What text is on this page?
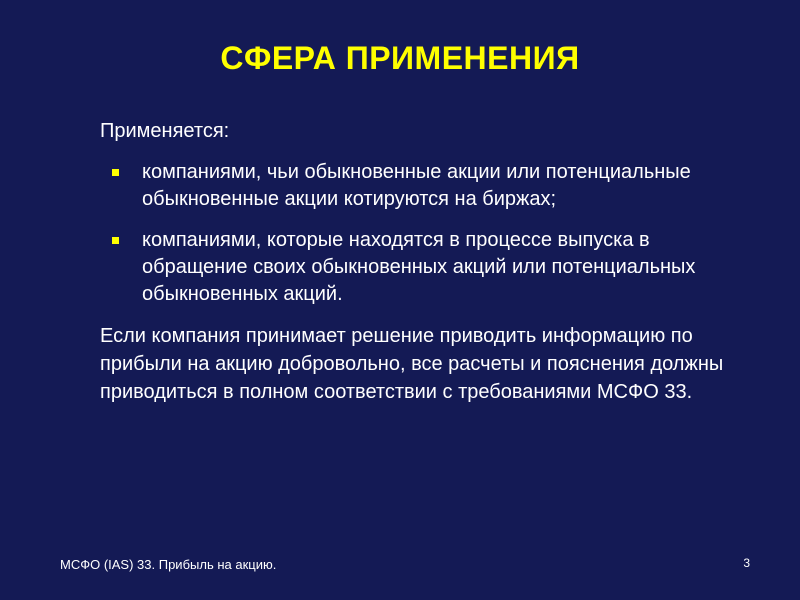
СФЕРА ПРИМЕНЕНИЯ

Применяется:

компаниями, чьи обыкновенные акции или потенциальные обыкновенные акции котируются на биржах;
компаниями, которые находятся в процессе выпуска в обращение своих обыкновенных акций или потенциальных обыкновенных акций.

Если компания принимает решение приводить информацию по прибыли на акцию добровольно, все расчеты и пояснения должны приводиться в полном соответствии с требованиями МСФО 33.

МСФО (IAS) 33. Прибыль на акцию.	3
